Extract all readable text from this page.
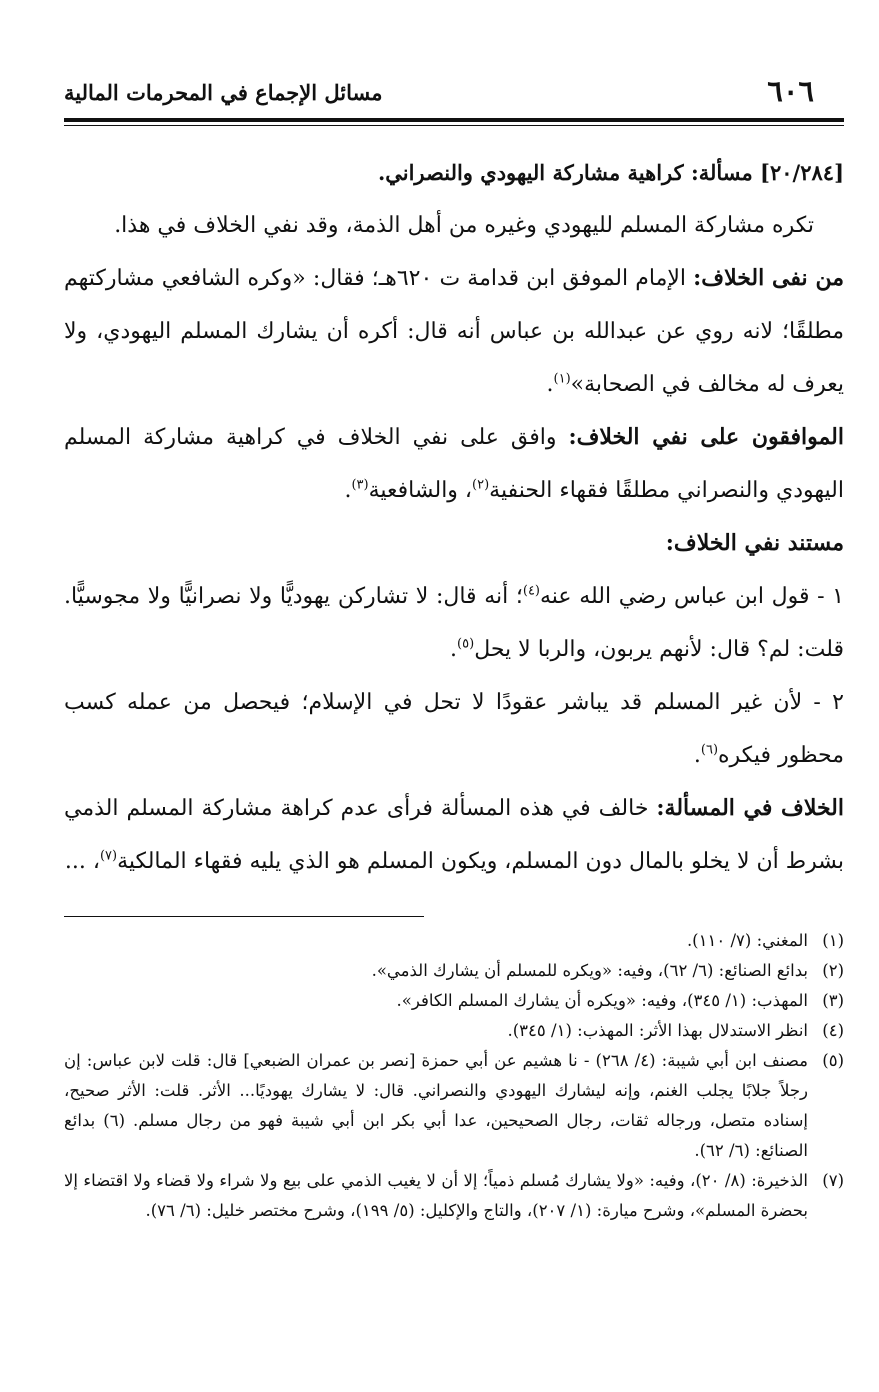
٦٠٦
مسائل الإجماع في المحرمات المالية

[٢٠/٢٨٤] مسألة: كراهية مشاركة اليهودي والنصراني.

تكره مشاركة المسلم لليهودي وغيره من أهل الذمة، وقد نفي الخلاف في هذا.

من نفى الخلاف: الإمام الموفق ابن قدامة ت ٦٢٠هـ؛ فقال: «وكره الشافعي مشاركتهم مطلقًا؛ لانه روي عن عبدالله بن عباس أنه قال: أكره أن يشارك المسلم اليهودي، ولا يعرف له مخالف في الصحابة»$^{(١)}$.

الموافقون على نفي الخلاف: وافق على نفي الخلاف في كراهية مشاركة المسلم اليهودي والنصراني مطلقًا فقهاء الحنفية$^{(٢)}$، والشافعية$^{(٣)}$.

مستند نفي الخلاف:

١ - قول ابن عباس رضي الله عنه$^{(٤)}$؛ أنه قال: لا تشاركن يهوديًّا ولا نصرانيًّا ولا مجوسيًّا. قلت: لم؟ قال: لأنهم يربون، والربا لا يحل$^{(٥)}$.

٢ - لأن غير المسلم قد يباشر عقودًا لا تحل في الإسلام؛ فيحصل من عمله كسب محظور فيكره$^{(٦)}$.

الخلاف في المسألة: خالف في هذه المسألة فرأى عدم كراهة مشاركة المسلم الذمي بشرط أن لا يخلو بالمال دون المسلم، ويكون المسلم هو الذي يليه فقهاء المالكية$^{(٧)}$، ...

(١)
المغني: (٧/ ١١٠).
(٢)
بدائع الصنائع: (٦/ ٦٢)، وفيه: «ويكره للمسلم أن يشارك الذمي».
(٣)
المهذب: (١/ ٣٤٥)، وفيه: «ويكره أن يشارك المسلم الكافر».
(٤)
انظر الاستدلال بهذا الأثر: المهذب: (١/ ٣٤٥).
(٥)
مصنف ابن أبي شيبة: (٤/ ٢٦٨) - نا هشيم عن أبي حمزة [نصر بن عمران الضبعي] قال: قلت لابن عباس: إن رجلاً جلابًا يجلب الغنم، وإنه ليشارك اليهودي والنصراني. قال: لا يشارك يهوديًا... الأثر. قلت: الأثر صحيح، إسناده متصل، ورجاله ثقات، رجال الصحيحين، عدا أبي بكر ابن أبي شيبة فهو من رجال مسلم. (٦) بدائع الصنائع: (٦/ ٦٢).
(٧)
الذخيرة: (٨/ ٢٠)، وفيه: «ولا يشارك مُسلم ذمياً؛ إلا أن لا يغيب الذمي على بيع ولا شراء ولا قضاء ولا اقتضاء إلا بحضرة المسلم»، وشرح ميارة: (١/ ٢٠٧)، والتاج والإكليل: (٥/ ١٩٩)، وشرح مختصر خليل: (٦/ ٧٦).
